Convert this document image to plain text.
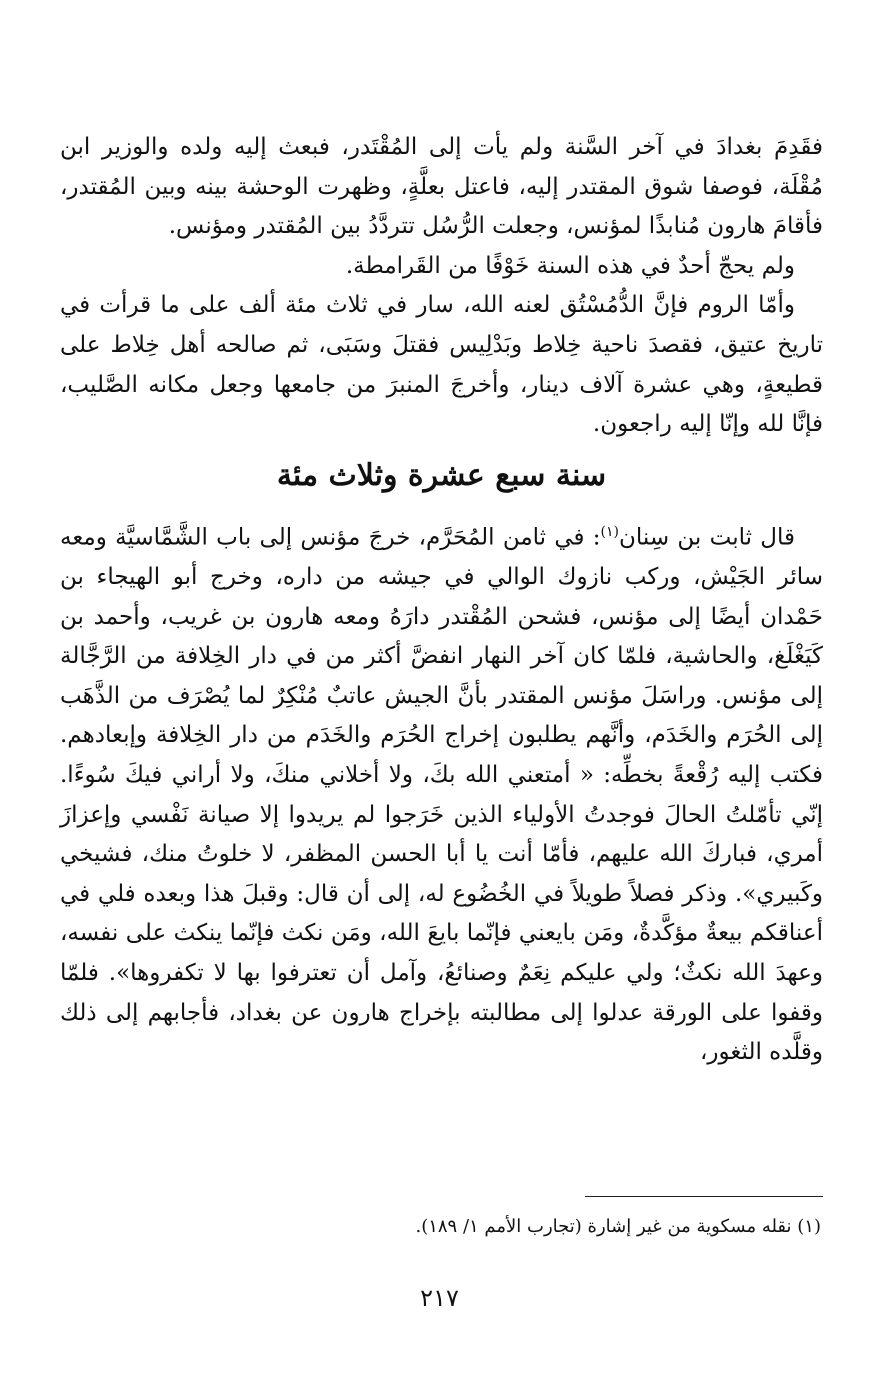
فقَدِمَ بغدادَ في آخر السَّنة ولم يأت إلى المُقْتَدر، فبعث إليه ولده والوزير ابن مُقْلَة، فوصفا شوق المقتدر إليه، فاعتل بعلَّةٍ، وظهرت الوحشة بينه وبين المُقتدر، فأقامَ هارون مُنابذًا لمؤنس، وجعلت الرُّسُل تتردَّدُ بين المُقتدر ومؤنس.

ولم يحجّ أحدٌ في هذه السنة خَوْفًا من القَرامطة.

وأمّا الروم فإنَّ الدُّمُسْتُق لعنه الله، سار في ثلاث مئة ألف على ما قرأت في تاريخ عتيق، فقصدَ ناحية خِلاط وبَدْلِيس فقتلَ وسَبَى، ثم صالحه أهل خِلاط على قطيعةٍ، وهي عشرة آلاف دينار، وأخرجَ المنبرَ من جامعها وجعل مكانه الصَّليب، فإنَّا لله وإنّا إليه راجعون.

سنة سبع عشرة وثلاث مئة

قال ثابت بن سِنان$^{(١)}$: في ثامن المُحَرَّم، خرجَ مؤنس إلى باب الشَّمَّاسيَّة ومعه سائر الجَيْش، وركب نازوك الوالي في جيشه من داره، وخرج أبو الهيجاء بن حَمْدان أيضًا إلى مؤنس، فشحن المُقْتدر دارَهُ ومعه هارون بن غريب، وأحمد بن كَيَغْلَغ، والحاشية، فلمّا كان آخر النهار انفضَّ أكثر من في دار الخِلافة من الرَّجَّالة إلى مؤنس. وراسَلَ مؤنس المقتدر بأنَّ الجيش عاتبٌ مُنْكِرٌ لما يُصْرَف من الذَّهَب إلى الحُرَم والخَدَم، وأنَّهم يطلبون إخراج الحُرَم والخَدَم من دار الخِلافة وإبعادهم. فكتب إليه رُقْعةً بخطِّه: « أمتعني الله بكَ، ولا أخلاني منكَ، ولا أراني فيكَ سُوءًا. إنّي تأمّلتُ الحالَ فوجدتُ الأولياء الذين خَرَجوا لم يريدوا إلا صيانة نَفْسي وإعزازَ أمري، فباركَ الله عليهم، فأمّا أنت يا أبا الحسن المظفر، لا خلوتُ منك، فشيخي وكَبيري». وذكر فصلاً طويلاً في الخُضُوع له، إلى أن قال: وقبلَ هذا وبعده فلي في أعناقكم بيعةٌ مؤكَّدةٌ، ومَن بايعني فإنّما بايعَ الله، ومَن نكث فإنّما ينكث على نفسه، وعهدَ الله نكثٌ؛ ولي عليكم نِعَمٌ وصنائعُ، وآمل أن تعترفوا بها لا تكفروها». فلمّا وقفوا على الورقة عدلوا إلى مطالبته بإخراج هارون عن بغداد، فأجابهم إلى ذلك وقلَّده الثغور،

(١) نقله مسكوية من غير إشارة (تجارب الأمم ١/ ١٨٩).

٢١٧
